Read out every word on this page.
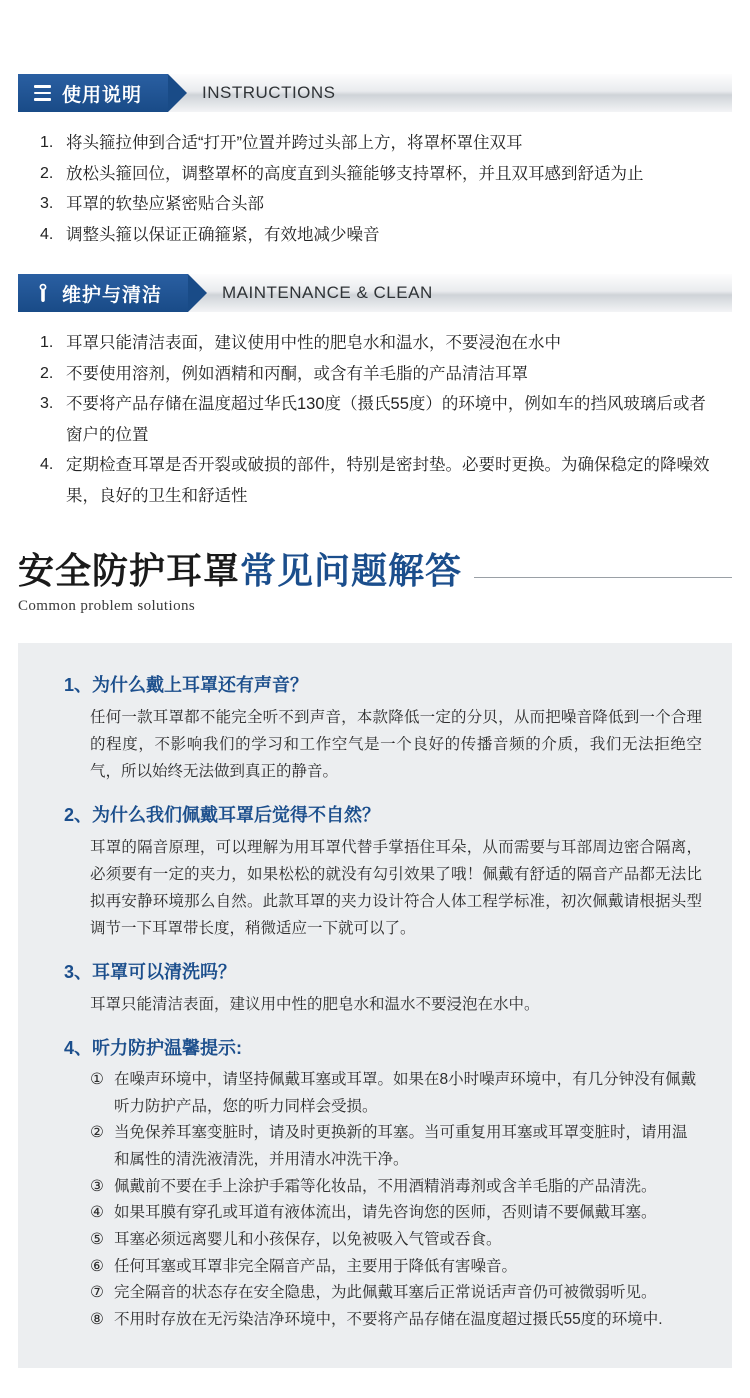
使用说明	INSTRUCTIONS
将头箍拉伸到合适“打开”位置并跨过头部上方，将罩杯罩住双耳
放松头箍回位，调整罩杯的高度直到头箍能够支持罩杯，并且双耳感到舒适为止
耳罩的软垫应紧密贴合头部
调整头箍以保证正确箍紧，有效地减少噪音
维护与清洁	MAINTENANCE & CLEAN
耳罩只能清洁表面，建议使用中性的肥皂水和温水，不要浸泡在水中
不要使用溶剂，例如酒精和丙酮，或含有羊毛脂的产品清洁耳罩
不要将产品存储在温度超过华氏130度（摄氏55度）的环境中，例如车的挡风玻璃后或者窗户的位置
定期检查耳罩是否开裂或破损的部件，特别是密封垫。必要时更换。为确保稳定的降噪效果，良好的卫生和舒适性
安全防护耳罩常见问题解答
Common problem solutions
1、为什么戴上耳罩还有声音？
任何一款耳罩都不能完全听不到声音，本款降低一定的分贝，从而把噪音降低到一个合理的程度，不影响我们的学习和工作空气是一个良好的传播音频的介质，我们无法拒绝空气，所以始终无法做到真正的静音。
2、为什么我们佩戴耳罩后觉得不自然？
耳罩的隔音原理，可以理解为用耳罩代替手掌捂住耳朵，从而需要与耳部周边密合隔离，必须要有一定的夹力，如果松松的就没有勾引效果了哦！佩戴有舒适的隔音产品都无法比拟再安静环境那么自然。此款耳罩的夹力设计符合人体工程学标准，初次佩戴请根据头型调节一下耳罩带长度，稍微适应一下就可以了。
3、耳罩可以清洗吗？
耳罩只能清洁表面，建议用中性的肥皂水和温水不要浸泡在水中。
4、听力防护温馨提示:
① 在噪声环境中，请坚持佩戴耳塞或耳罩。如果在8小时噪声环境中，有几分钟没有佩戴听力防护产品，您的听力同样会受损。
② 当免保养耳塞变脏时，请及时更换新的耳塞。当可重复用耳塞或耳罩变脏时，请用温和属性的清洗液清洗，并用清水冲洗干净。
③ 佩戴前不要在手上涂护手霜等化妆品，不用酒精消毒剂或含羊毛脂的产品清洗。
④ 如果耳膜有穿孔或耳道有液体流出，请先咨询您的医师，否则请不要佩戴耳塞。
⑤ 耳塞必须远离婴儿和小孩保存，以免被吸入气管或吞食。
⑥ 任何耳塞或耳罩非完全隔音产品，主要用于降低有害噪音。
⑦ 完全隔音的状态存在安全隐患，为此佩戴耳塞后正常说话声音仍可被微弱听见。
⑧ 不用时存放在无污染洁净环境中，不要将产品存储在温度超过摄氏55度的环境中.
